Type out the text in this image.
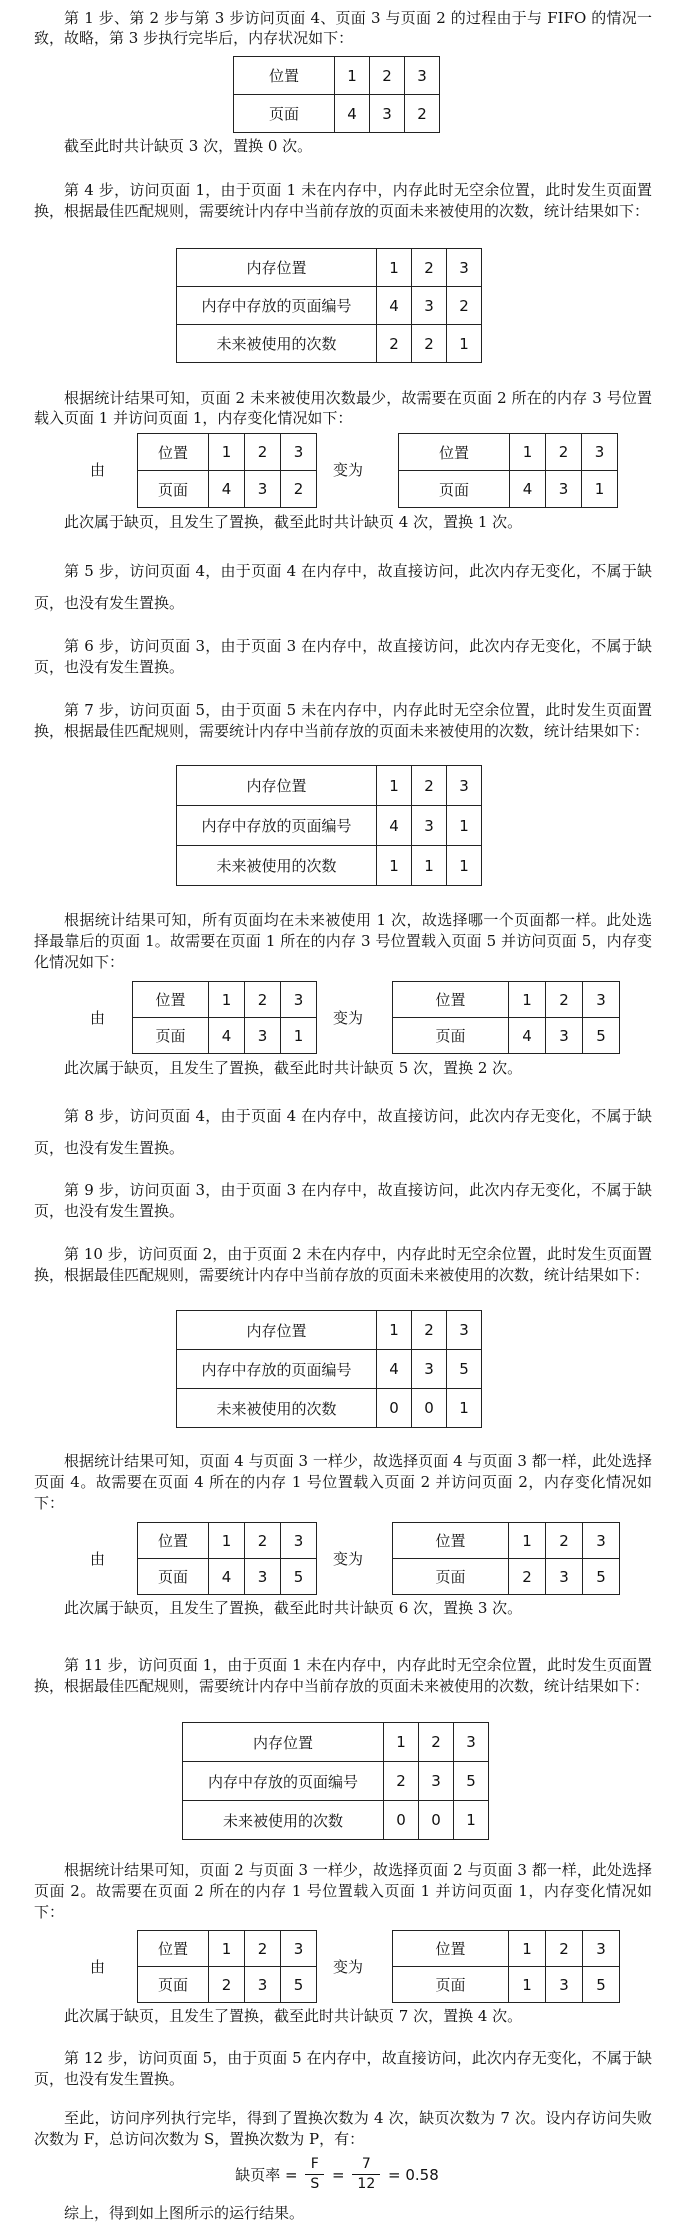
第 1 步、第 2 步与第 3 步访问页面 4、页面 3 与页面 2 的过程由于与 FIFO 的情况一致，故略，第 3 步执行完毕后，内存状况如下：

位置	1	2	3
页面	4	3	2

截至此时共计缺页 3 次，置换 0 次。

第 4 步，访问页面 1，由于页面 1 未在内存中，内存此时无空余位置，此时发生页面置换，根据最佳匹配规则，需要统计内存中当前存放的页面未来被使用的次数，统计结果如下：

内存位置	1	2	3
内存中存放的页面编号	4	3	2
未来被使用的次数	2	2	1

根据统计结果可知，页面 2 未来被使用次数最少，故需要在页面 2 所在的内存 3 号位置载入页面 1 并访问页面 1，内存变化情况如下：

由
位置	1	2	3
页面	4	3	2
变为
位置	1	2	3
页面	4	3	1

此次属于缺页，且发生了置换，截至此时共计缺页 4 次，置换 1 次。

第 5 步，访问页面 4，由于页面 4 在内存中，故直接访问，此次内存无变化，不属于缺页，也没有发生置换。

第 6 步，访问页面 3，由于页面 3 在内存中，故直接访问，此次内存无变化，不属于缺页，也没有发生置换。

第 7 步，访问页面 5，由于页面 5 未在内存中，内存此时无空余位置，此时发生页面置换，根据最佳匹配规则，需要统计内存中当前存放的页面未来被使用的次数，统计结果如下：

内存位置	1	2	3
内存中存放的页面编号	4	3	1
未来被使用的次数	1	1	1

根据统计结果可知，所有页面均在未来被使用 1 次，故选择哪一个页面都一样。此处选择最靠后的页面 1。故需要在页面 1 所在的内存 3 号位置载入页面 5 并访问页面 5，内存变化情况如下：

由
位置	1	2	3
页面	4	3	1
变为
位置	1	2	3
页面	4	3	5

此次属于缺页，且发生了置换，截至此时共计缺页 5 次，置换 2 次。

第 8 步，访问页面 4，由于页面 4 在内存中，故直接访问，此次内存无变化，不属于缺页，也没有发生置换。

第 9 步，访问页面 3，由于页面 3 在内存中，故直接访问，此次内存无变化，不属于缺页，也没有发生置换。

第 10 步，访问页面 2，由于页面 2 未在内存中，内存此时无空余位置，此时发生页面置换，根据最佳匹配规则，需要统计内存中当前存放的页面未来被使用的次数，统计结果如下：

内存位置	1	2	3
内存中存放的页面编号	4	3	5
未来被使用的次数	0	0	1

根据统计结果可知，页面 4 与页面 3 一样少，故选择页面 4 与页面 3 都一样，此处选择页面 4。故需要在页面 4 所在的内存 1 号位置载入页面 2 并访问页面 2，内存变化情况如下：

由
位置	1	2	3
页面	4	3	5
变为
位置	1	2	3
页面	2	3	5

此次属于缺页，且发生了置换，截至此时共计缺页 6 次，置换 3 次。

第 11 步，访问页面 1，由于页面 1 未在内存中，内存此时无空余位置，此时发生页面置换，根据最佳匹配规则，需要统计内存中当前存放的页面未来被使用的次数，统计结果如下：

内存位置	1	2	3
内存中存放的页面编号	2	3	5
未来被使用的次数	0	0	1

根据统计结果可知，页面 2 与页面 3 一样少，故选择页面 2 与页面 3 都一样，此处选择页面 2。故需要在页面 2 所在的内存 1 号位置载入页面 1 并访问页面 1，内存变化情况如下：

由
位置	1	2	3
页面	2	3	5
变为
位置	1	2	3
页面	1	3	5

此次属于缺页，且发生了置换，截至此时共计缺页 7 次，置换 4 次。

第 12 步，访问页面 5，由于页面 5 在内存中，故直接访问，此次内存无变化，不属于缺页，也没有发生置换。

至此，访问序列执行完毕，得到了置换次数为 4 次，缺页次数为 7 次。设内存访问失败次数为 F，总访问次数为 S，置换次数为 P，有：

缺页率 = $\frac{F}{S} = \frac{7}{12} = 0.58$

综上，得到如上图所示的运行结果。
